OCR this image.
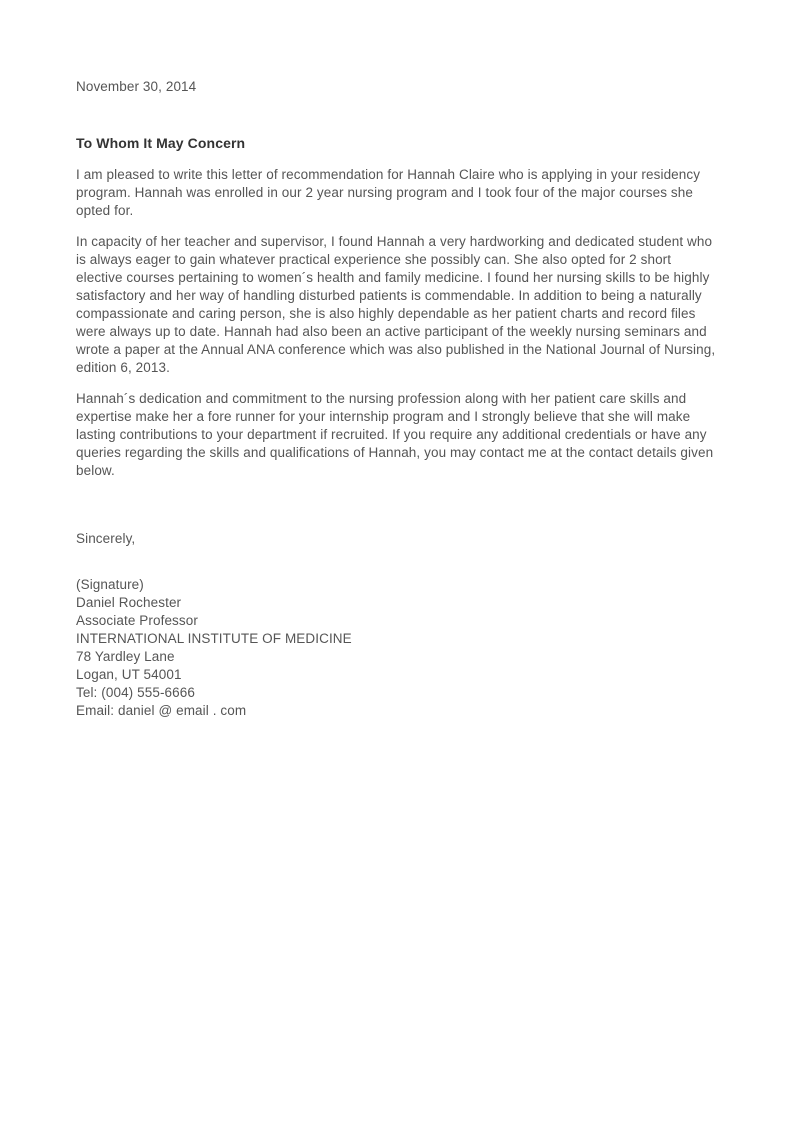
November 30, 2014

To Whom It May Concern

I am pleased to write this letter of recommendation for Hannah Claire who is applying in your residency program. Hannah was enrolled in our 2 year nursing program and I took four of the major courses she opted for.

In capacity of her teacher and supervisor, I found Hannah a very hardworking and dedicated student who is always eager to gain whatever practical experience she possibly can. She also opted for 2 short elective courses pertaining to women´s health and family medicine. I found her nursing skills to be highly satisfactory and her way of handling disturbed patients is commendable. In addition to being a naturally compassionate and caring person, she is also highly dependable as her patient charts and record files were always up to date. Hannah had also been an active participant of the weekly nursing seminars and wrote a paper at the Annual ANA conference which was also published in the National Journal of Nursing, edition 6, 2013.

Hannah´s dedication and commitment to the nursing profession along with her patient care skills and expertise make her a fore runner for your internship program and I strongly believe that she will make lasting contributions to your department if recruited. If you require any additional credentials or have any queries regarding the skills and qualifications of Hannah, you may contact me at the contact details given below.

Sincerely,

(Signature)

Daniel Rochester

Associate Professor

INTERNATIONAL INSTITUTE OF MEDICINE

78 Yardley Lane

Logan, UT 54001

Tel: (004) 555-6666

Email: daniel @ email . com
